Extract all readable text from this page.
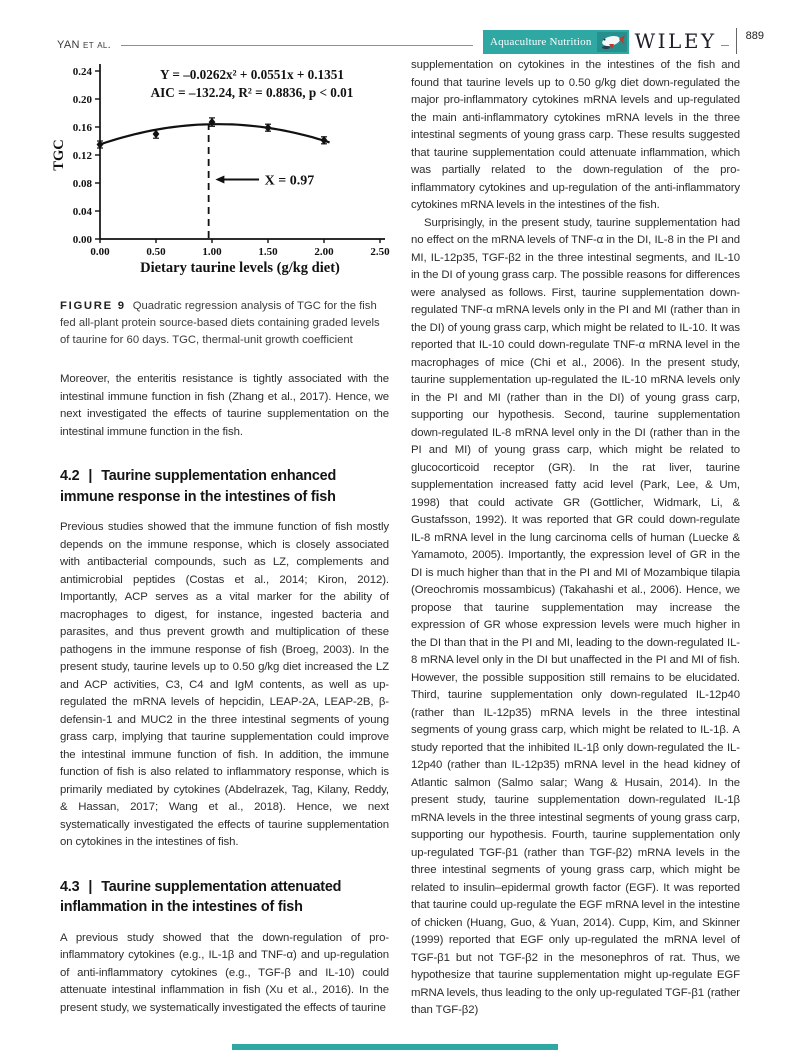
YAN et al.	Aquaculture Nutrition WILEY	889
0.00
0.04
0.08
0.12
0.16
0.20
0.24
0.00	0.50	1.00	1.50	2.00	2.50
TGC
Dietary taurine levels (g/kg diet)
Y = –0.0262x² + 0.0551x + 0.1351
AIC = –132.24, R² = 0.8836, p < 0.01
X = 0.97
FIGURE 9 Quadratic regression analysis of TGC for the fish fed all-plant protein source-based diets containing graded levels of taurine for 60 days. TGC, thermal-unit growth coefficient

Moreover, the enteritis resistance is tightly associated with the intestinal immune function in fish (Zhang et al., 2017). Hence, we next investigated the effects of taurine supplementation on the intestinal immune function in the fish.

4.2 | Taurine supplementation enhanced immune response in the intestines of fish

Previous studies showed that the immune function of fish mostly depends on the immune response, which is closely associated with antibacterial compounds, such as LZ, complements and antimicrobial peptides (Costas et al., 2014; Kiron, 2012). Importantly, ACP serves as a vital marker for the ability of macrophages to digest, for instance, ingested bacteria and parasites, and thus prevent growth and multiplication of these pathogens in the immune response of fish (Broeg, 2003). In the present study, taurine levels up to 0.50 g/kg diet increased the LZ and ACP activities, C3, C4 and IgM contents, as well as up-regulated the mRNA levels of hepcidin, LEAP-2A, LEAP-2B, β-defensin-1 and MUC2 in the three intestinal segments of young grass carp, implying that taurine supplementation could improve the intestinal immune function of fish. In addition, the immune function of fish is also related to inflammatory response, which is primarily mediated by cytokines (Abdelrazek, Tag, Kilany, Reddy, & Hassan, 2017; Wang et al., 2018). Hence, we next systematically investigated the effects of taurine supplementation on cytokines in the intestines of fish.

4.3 | Taurine supplementation attenuated inflammation in the intestines of fish

A previous study showed that the down-regulation of pro-inflammatory cytokines (e.g., IL-1β and TNF-α) and up-regulation of anti-inflammatory cytokines (e.g., TGF-β and IL-10) could attenuate intestinal inflammation in fish (Xu et al., 2016). In the present study, we systematically investigated the effects of taurine

supplementation on cytokines in the intestines of the fish and found that taurine levels up to 0.50 g/kg diet down-regulated the major pro-inflammatory cytokines mRNA levels and up-regulated the main anti-inflammatory cytokines mRNA levels in the three intestinal segments of young grass carp. These results suggested that taurine supplementation could attenuate inflammation, which was partially related to the down-regulation of the pro-inflammatory cytokines and up-regulation of the anti-inflammatory cytokines mRNA levels in the intestines of the fish.

Surprisingly, in the present study, taurine supplementation had no effect on the mRNA levels of TNF-α in the DI, IL-8 in the PI and MI, IL-12p35, TGF-β2 in the three intestinal segments, and IL-10 in the DI of young grass carp. The possible reasons for differences were analysed as follows. First, taurine supplementation down-regulated TNF-α mRNA levels only in the PI and MI (rather than in the DI) of young grass carp, which might be related to IL-10. It was reported that IL-10 could down-regulate TNF-α mRNA level in the macrophages of mice (Chi et al., 2006). In the present study, taurine supplementation up-regulated the IL-10 mRNA levels only in the PI and MI (rather than in the DI) of young grass carp, supporting our hypothesis. Second, taurine supplementation down-regulated IL-8 mRNA level only in the DI (rather than in the PI and MI) of young grass carp, which might be related to glucocorticoid receptor (GR). In the rat liver, taurine supplementation increased fatty acid level (Park, Lee, & Um, 1998) that could activate GR (Gottlicher, Widmark, Li, & Gustafsson, 1992). It was reported that GR could down-regulate IL-8 mRNA level in the lung carcinoma cells of human (Luecke & Yamamoto, 2005). Importantly, the expression level of GR in the DI is much higher than that in the PI and MI of Mozambique tilapia (Oreochromis mossambicus) (Takahashi et al., 2006). Hence, we propose that taurine supplementation may increase the expression of GR whose expression levels were much higher in the DI than that in the PI and MI, leading to the down-regulated IL-8 mRNA level only in the DI but unaffected in the PI and MI of fish. However, the possible supposition still remains to be elucidated. Third, taurine supplementation only down-regulated IL-12p40 (rather than IL-12p35) mRNA levels in the three intestinal segments of young grass carp, which might be related to IL-1β. A study reported that the inhibited IL-1β only down-regulated the IL-12p40 (rather than IL-12p35) mRNA level in the head kidney of Atlantic salmon (Salmo salar; Wang & Husain, 2014). In the present study, taurine supplementation down-regulated IL-1β mRNA levels in the three intestinal segments of young grass carp, supporting our hypothesis. Fourth, taurine supplementation only up-regulated TGF-β1 (rather than TGF-β2) mRNA levels in the three intestinal segments of young grass carp, which might be related to insulin–epidermal growth factor (EGF). It was reported that taurine could up-regulate the EGF mRNA level in the intestine of chicken (Huang, Guo, & Yuan, 2014). Cupp, Kim, and Skinner (1999) reported that EGF only up-regulated the mRNA level of TGF-β1 but not TGF-β2 in the mesonephros of rat. Thus, we hypothesize that taurine supplementation might up-regulate EGF mRNA levels, thus leading to the only up-regulated TGF-β1 (rather than TGF-β2)
